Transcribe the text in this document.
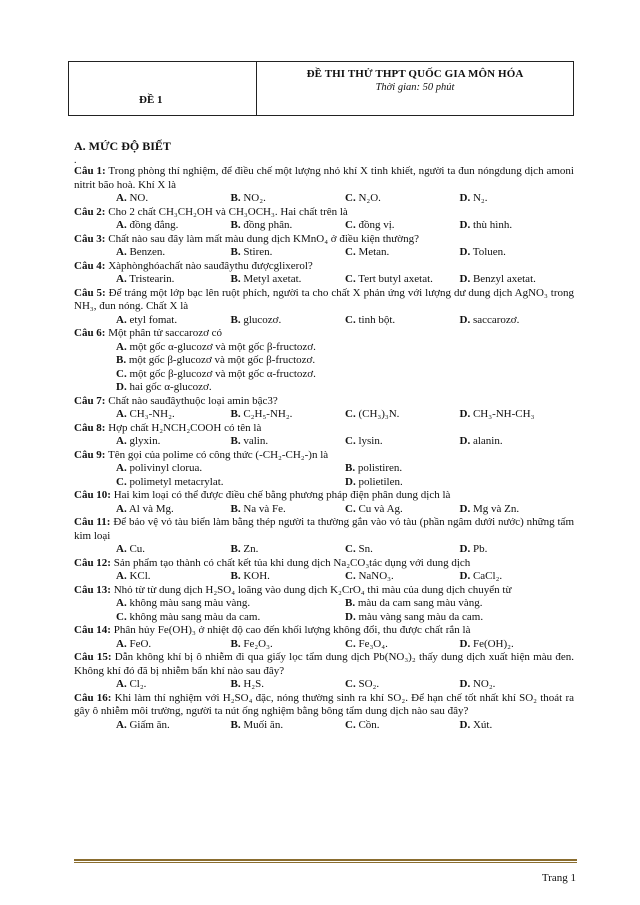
ĐỀ 1
ĐỀ THI THỬ THPT QUỐC GIA MÔN HÓA
Thời gian: 50 phút
A. MỨC ĐỘ BIẾT
.
Câu 1: Trong phòng thí nghiệm, để điều chế một lượng nhỏ khí X tinh khiết, người ta đun nóngdung dịch amoni nitrit bão hoà. Khí X là
A. NO.	B. NO₂.	C. N₂O.	D. N₂.
Câu 2: Cho 2 chất CH₃CH₂OH và CH₃OCH₃. Hai chất trên là
A. đồng đẳng.	B. đồng phân.	C. đồng vị.	D. thù hình.
Câu 3: Chất nào sau đây làm mất màu dung dịch KMnO₄ ở điều kiện thường?
A. Benzen.	B. Stiren.	C. Metan.	D. Toluen.
Câu 4: Xàphònghóachất nào sauđâythu đượcglixerol?
A. Tristearin.	B. Metyl axetat.	C. Tert butyl axetat.	D. Benzyl axetat.
Câu 5: Để tráng một lớp bạc lên ruột phích, người ta cho chất X phản ứng với lượng dư dung dịch AgNO₃ trong NH₃, đun nóng. Chất X là
A. etyl fomat.	B. glucozơ.	C. tinh bột.	D. saccarozơ.
Câu 6: Một phân tử saccarozơ có
A. một gốc α-glucozơ và một gốc β-fructozơ.
B. một gốc β-glucozơ và một gốc β-fructozơ.
C. một gốc β-glucozơ và một gốc α-fructozơ.
D. hai gốc α-glucozơ.
Câu 7: Chất nào sauđâythuộc loại amin bậc3?
A. CH₃-NH₂.	B. C₂H₅-NH₂.	C. (CH₃)₃N.	D. CH₃-NH-CH₃
Câu 8: Hợp chất H₂NCH₂COOH có tên là
A. glyxin.	B. valin.	C. lysin.	D. alanin.
Câu 9: Tên gọi của polime có công thức (-CH₂-CH₂-)n là
A. polivinyl clorua.	B. polistiren.
C. polimetyl metacrylat.	D. polietilen.
Câu 10: Hai kim loại có thể được điều chế bằng phương pháp điện phân dung dịch là
A. Al và Mg.	B. Na và Fe.	C. Cu và Ag.	D. Mg và Zn.
Câu 11: Để bảo vệ vỏ tàu biển làm bằng thép người ta thường gắn vào vỏ tàu (phần ngâm dưới nước) những tấm kim loại
A. Cu.	B. Zn.	C. Sn.	D. Pb.
Câu 12: Sản phẩm tạo thành có chất kết tủa khi dung dịch Na₂CO₃tác dụng với dung dịch
A. KCl.	B. KOH.	C. NaNO₃.	D. CaCl₂.
Câu 13: Nhỏ từ từ dung dịch H₂SO₄ loãng vào dung dịch K₂CrO₄ thì màu của dung dịch chuyển từ
A. không màu sang màu vàng.	B. màu da cam sang màu vàng.
C. không màu sang màu da cam.	D. màu vàng sang màu da cam.
Câu 14: Phân hủy Fe(OH)₃ ở nhiệt độ cao đến khối lượng không đổi, thu được chất rắn là
A. FeO.	B. Fe₂O₃.	C. Fe₃O₄.	D. Fe(OH)₂.
Câu 15: Dẫn không khí bị ô nhiễm đi qua giấy lọc tẩm dung dịch Pb(NO₃)₂ thấy dung dịch xuất hiện màu đen. Không khí đó đã bị nhiễm bẩn khí nào sau đây?
A. Cl₂.	B. H₂S.	C. SO₂.	D. NO₂.
Câu 16: Khi làm thí nghiệm với H₂SO₄ đặc, nóng thường sinh ra khí SO₂. Để hạn chế tốt nhất khí SO₂ thoát ra gây ô nhiễm môi trường, người ta nút ống nghiệm bằng bông tẩm dung dịch nào sau đây?
A. Giấm ăn.	B. Muối ăn.	C. Cồn.	D. Xút.
Trang 1
